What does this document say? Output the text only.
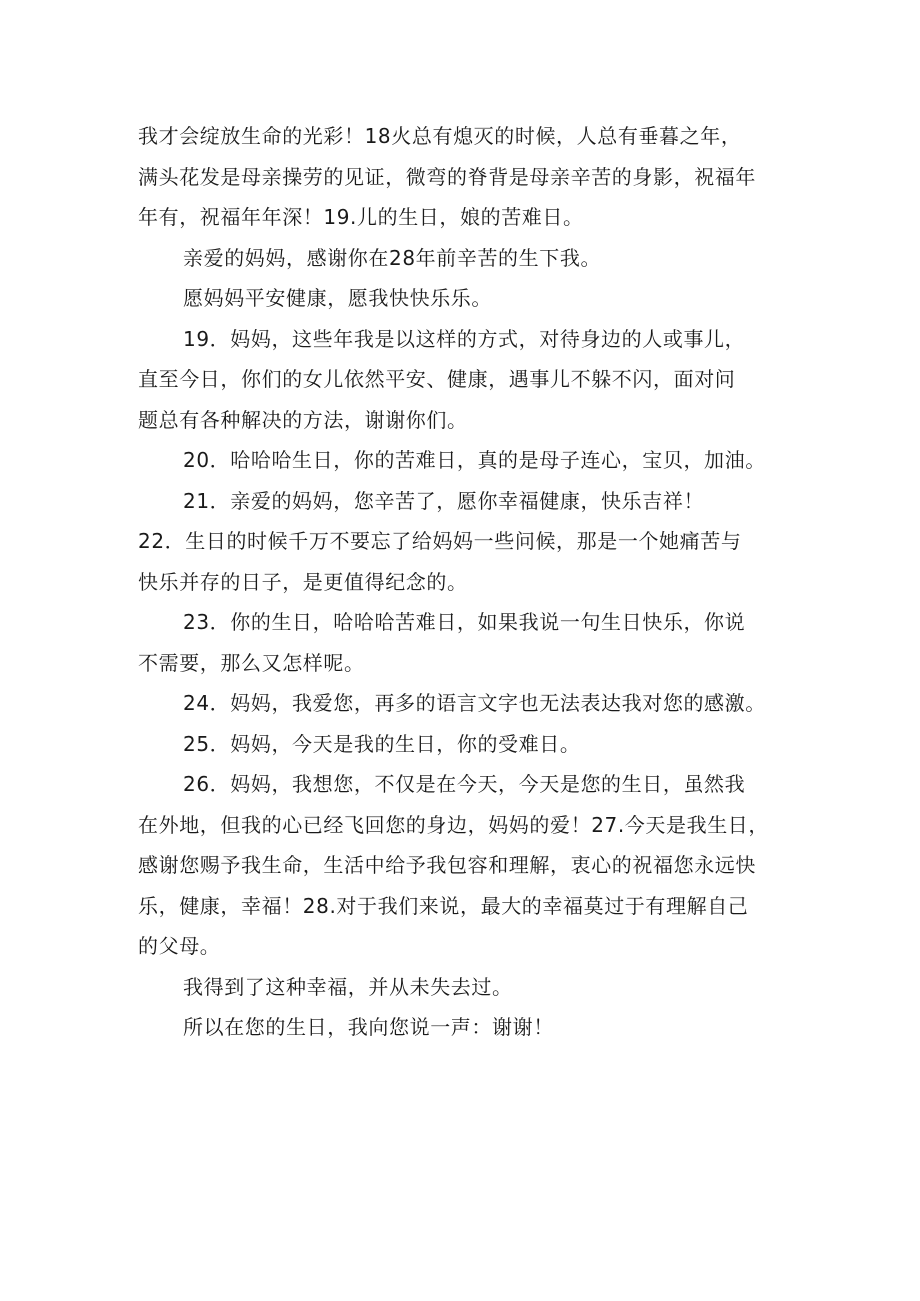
我才会绽放生命的光彩！18火总有熄灭的时候，人总有垂暮之年，
满头花发是母亲操劳的见证，微弯的脊背是母亲辛苦的身影，祝福年
年有，祝福年年深！19.儿的生日，娘的苦难日。

亲爱的妈妈，感谢你在28年前辛苦的生下我。

愿妈妈平安健康，愿我快快乐乐。

19．妈妈，这些年我是以这样的方式，对待身边的人或事儿，
直至今日，你们的女儿依然平安、健康，遇事儿不躲不闪，面对问
题总有各种解决的方法，谢谢你们。

20．哈哈哈生日，你的苦难日，真的是母子连心，宝贝，加油。

21．亲爱的妈妈，您辛苦了，愿你幸福健康，快乐吉祥！

22．生日的时候千万不要忘了给妈妈一些问候，那是一个她痛苦与
快乐并存的日子，是更值得纪念的。

23．你的生日，哈哈哈苦难日，如果我说一句生日快乐，你说
不需要，那么又怎样呢。

24．妈妈，我爱您，再多的语言文字也无法表达我对您的感激。

25．妈妈，今天是我的生日，你的受难日。

26．妈妈，我想您，不仅是在今天，今天是您的生日，虽然我
在外地，但我的心已经飞回您的身边，妈妈的爱！27.今天是我生日，
感谢您赐予我生命，生活中给予我包容和理解，衷心的祝福您永远快
乐，健康，幸福！28.对于我们来说，最大的幸福莫过于有理解自己
的父母。

我得到了这种幸福，并从未失去过。

所以在您的生日，我向您说一声：谢谢！
